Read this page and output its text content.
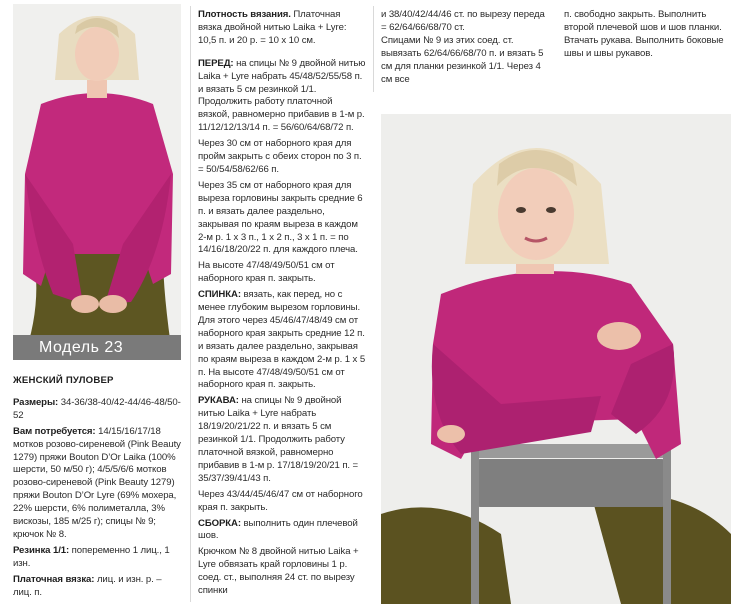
Модель 23

ЖЕНСКИЙ ПУЛОВЕР

Размеры: 34-36/38-40/42-44/46-48/50-52

Вам потребуется: 14/15/16/17/18 мотков розово-сиреневой (Pink Beauty 1279) пряжи Bouton D’Or Laika (100% шерсти, 50 м/50 г); 4/5/5/6/6 мотков розово-сиреневой (Pink Beauty 1279) пряжи Bouton D’Or Lyre (69% мохера, 22% шерсти, 6% полиметалла, 3% вискозы, 185 м/25 г); спицы № 9; крючок № 8.

Резинка 1/1: попеременно 1 лиц., 1 изн.

Платочная вязка: лиц. и изн. р. – лиц. п.

Плотность вязания. Платочная вязка двойной нитью Laika + Lyre: 10,5 п. и 20 р. = 10 х 10 см.

ПЕРЕД: на спицы № 9 двойной нитью Laika + Lyre набрать 45/48/52/55/58 п. и вязать 5 см резинкой 1/1. Продолжить работу платочной вязкой, равномерно прибавив в 1-м р. 11/12/12/13/14 п. = 56/60/64/68/72 п.

Через 30 см от наборного края для пройм закрыть с обеих сторон по 3 п. = 50/54/58/62/66 п.

Через 35 см от наборного края для выреза горловины закрыть средние 6 п. и вязать далее раздельно, закрывая по краям выреза в каждом 2-м р. 1 х 3 п., 1 х 2 п., 3 х 1 п. = по 14/16/18/20/22 п. для каждого плеча.

На высоте 47/48/49/50/51 см от наборного края п. закрыть.

СПИНКА: вязать, как перед, но с менее глубоким вырезом горловины. Для этого через 45/46/47/48/49 см от наборного края закрыть средние 12 п. и вязать далее раздельно, закрывая по краям выреза в каждом 2-м р. 1 х 5 п. На высоте 47/48/49/50/51 см от наборного края п. закрыть.

РУКАВА: на спицы № 9 двойной нитью Laika + Lyre набрать 18/19/20/21/22 п. и вязать 5 см резинкой 1/1. Продолжить работу платочной вязкой, равномерно прибавив в 1-м р. 17/18/19/20/21 п. = 35/37/39/41/43 п.

Через 43/44/45/46/47 см от наборного края п. закрыть.

СБОРКА: выполнить один плечевой шов.

Крючком № 8 двойной нитью Laika + Lyre обвязать край горловины 1 р. соед. ст., выполняя 24 ст. по вырезу спинки

и 38/40/42/44/46 ст. по вырезу переда = 62/64/66/68/70 ст.

Спицами № 9 из этих соед. ст. вывязать 62/64/66/68/70 п. и вязать 5 см для планки резинкой 1/1. Через 4 см все

п. свободно закрыть. Выполнить второй плечевой шов и шов планки. Втачать рукава. Выполнить боковые швы и швы рукавов.
